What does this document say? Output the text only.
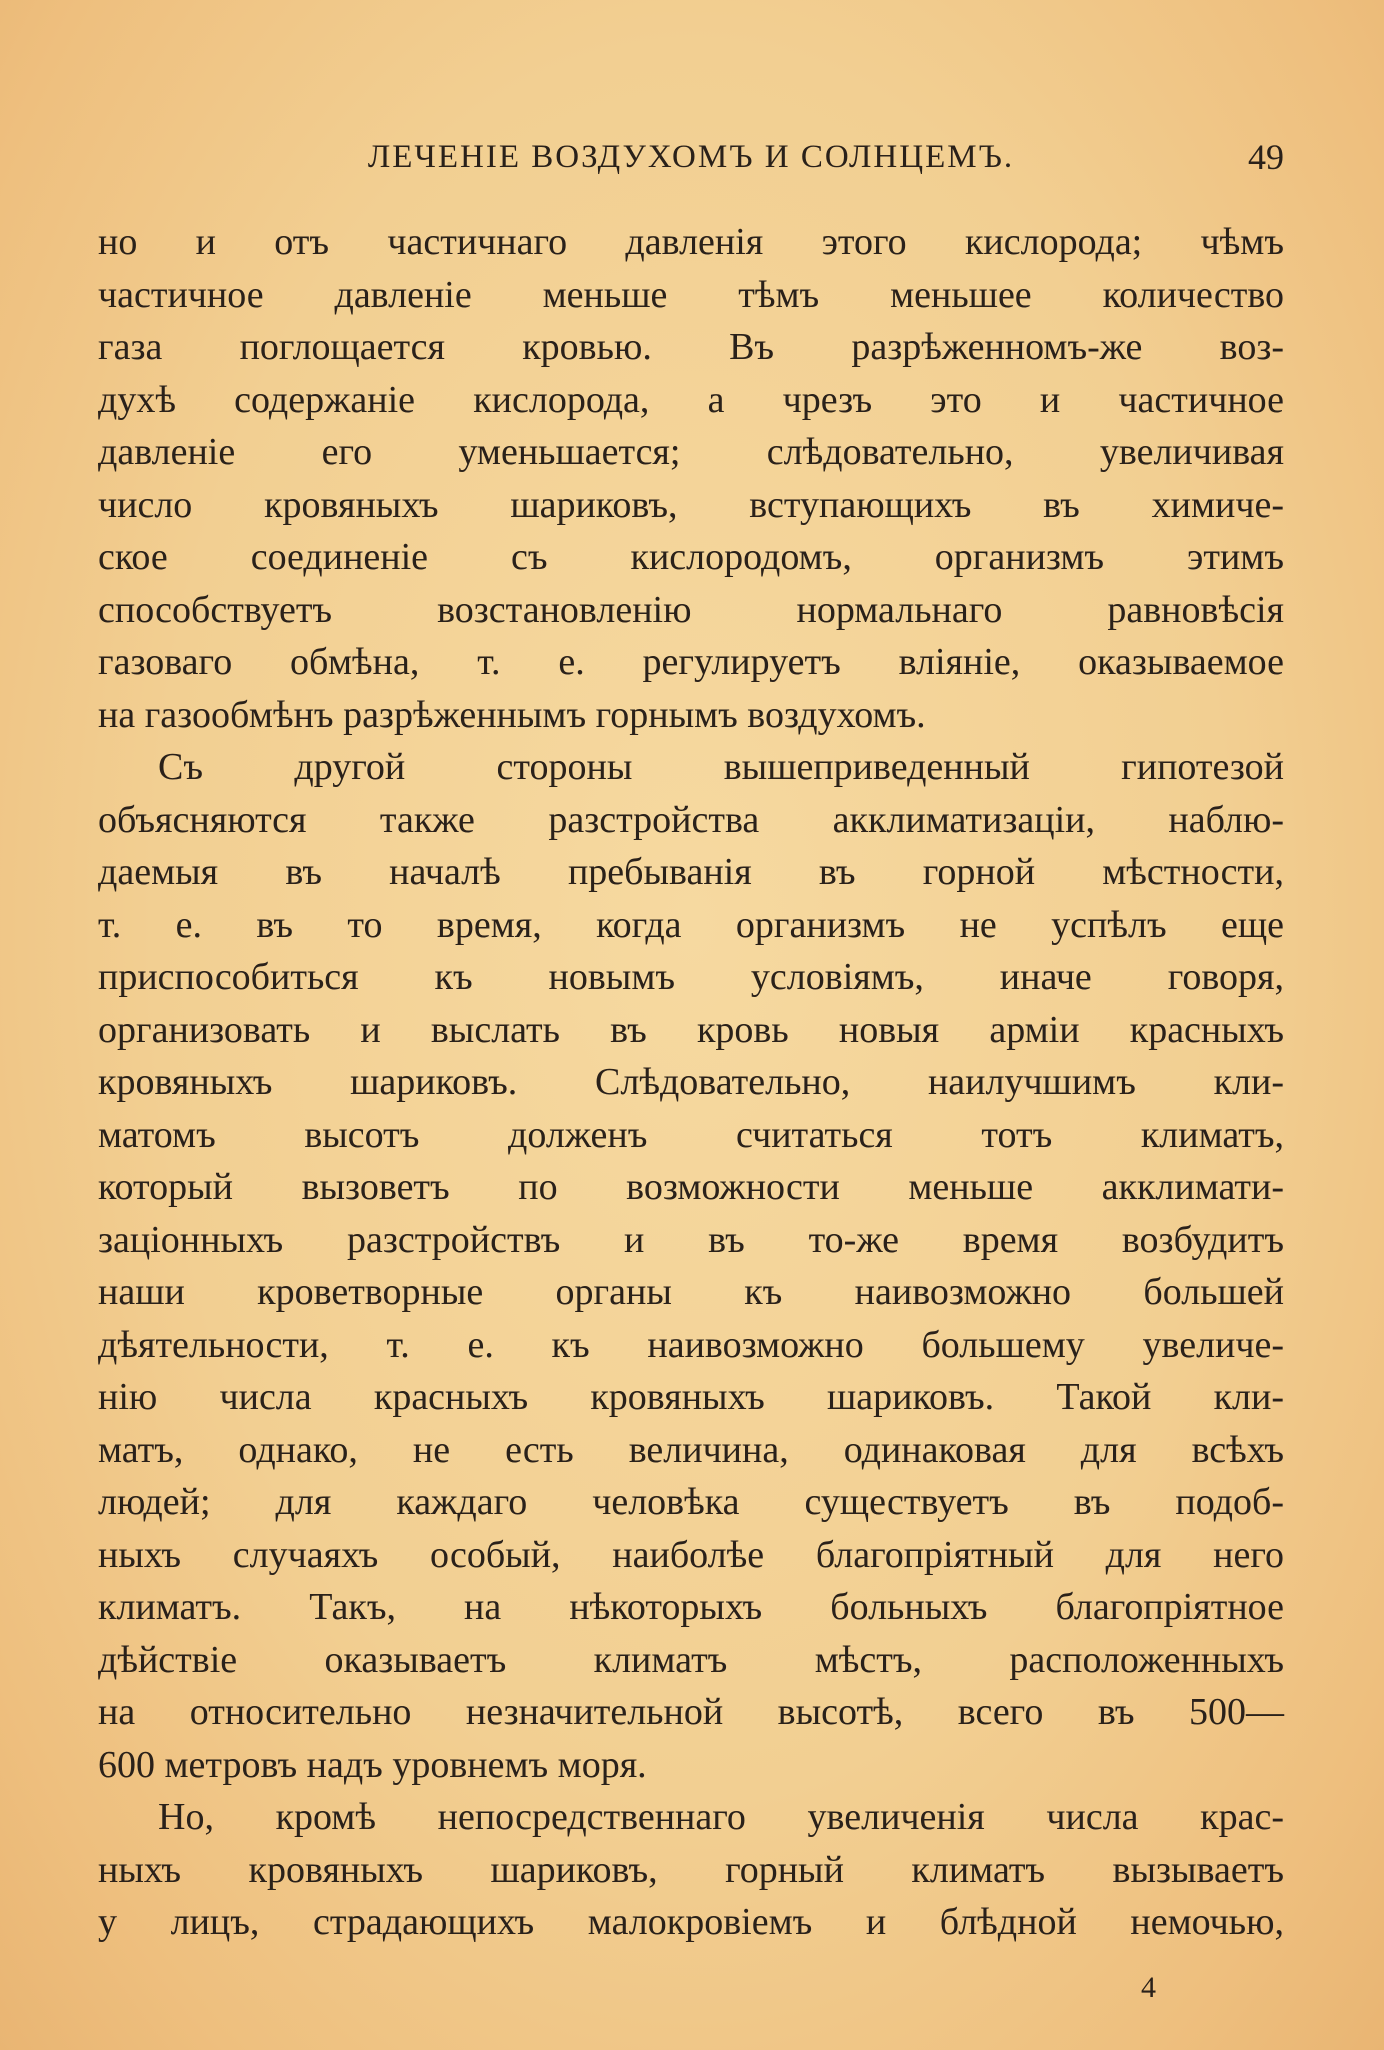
ЛЕЧЕНІЕ ВОЗДУХОМЪ И СОЛНЦЕМЪ.	49
но и отъ частичнаго давленія этого кислорода; чѣмъ
частичное давленіе меньше тѣмъ меньшее количество
газа поглощается кровью. Въ разрѣженномъ-же воз-
духѣ содержаніе кислорода, а чрезъ это и частичное
давленіе его уменьшается; слѣдовательно, увеличивая
число кровяныхъ шариковъ, вступающихъ въ химиче-
ское соединеніе съ кислородомъ, организмъ этимъ
способствуетъ возстановленію нормальнаго равновѣсія
газоваго обмѣна, т. е. регулируетъ вліяніе, оказываемое
на газообмѣнъ разрѣженнымъ горнымъ воздухомъ.
Съ другой стороны вышеприведенный гипотезой
объясняются также разстройства акклиматизаціи, наблю-
даемыя въ началѣ пребыванія въ горной мѣстности,
т. е. въ то время, когда организмъ не успѣлъ еще
приспособиться къ новымъ условіямъ, иначе говоря,
организовать и выслать въ кровь новыя арміи красныхъ
кровяныхъ шариковъ. Слѣдовательно, наилучшимъ кли-
матомъ высотъ долженъ считаться тотъ климатъ,
который вызоветъ по возможности меньше акклимати-
заціонныхъ разстройствъ и въ то-же время возбудитъ
наши кроветворные органы къ наивозможно большей
дѣятельности, т. е. къ наивозможно большему увеличе-
нію числа красныхъ кровяныхъ шариковъ. Такой кли-
матъ, однако, не есть величина, одинаковая для всѣхъ
людей; для каждаго человѣка существуетъ въ подоб-
ныхъ случаяхъ особый, наиболѣе благопріятный для него
климатъ. Такъ, на нѣкоторыхъ больныхъ благопріятное
дѣйствіе оказываетъ климатъ мѣстъ, расположенныхъ
на относительно незначительной высотѣ, всего въ 500—
600 метровъ надъ уровнемъ моря.
Но, кромѣ непосредственнаго увеличенія числа крас-
ныхъ кровяныхъ шариковъ, горный климатъ вызываетъ
у лицъ, страдающихъ малокровіемъ и блѣдной немочью,
4
